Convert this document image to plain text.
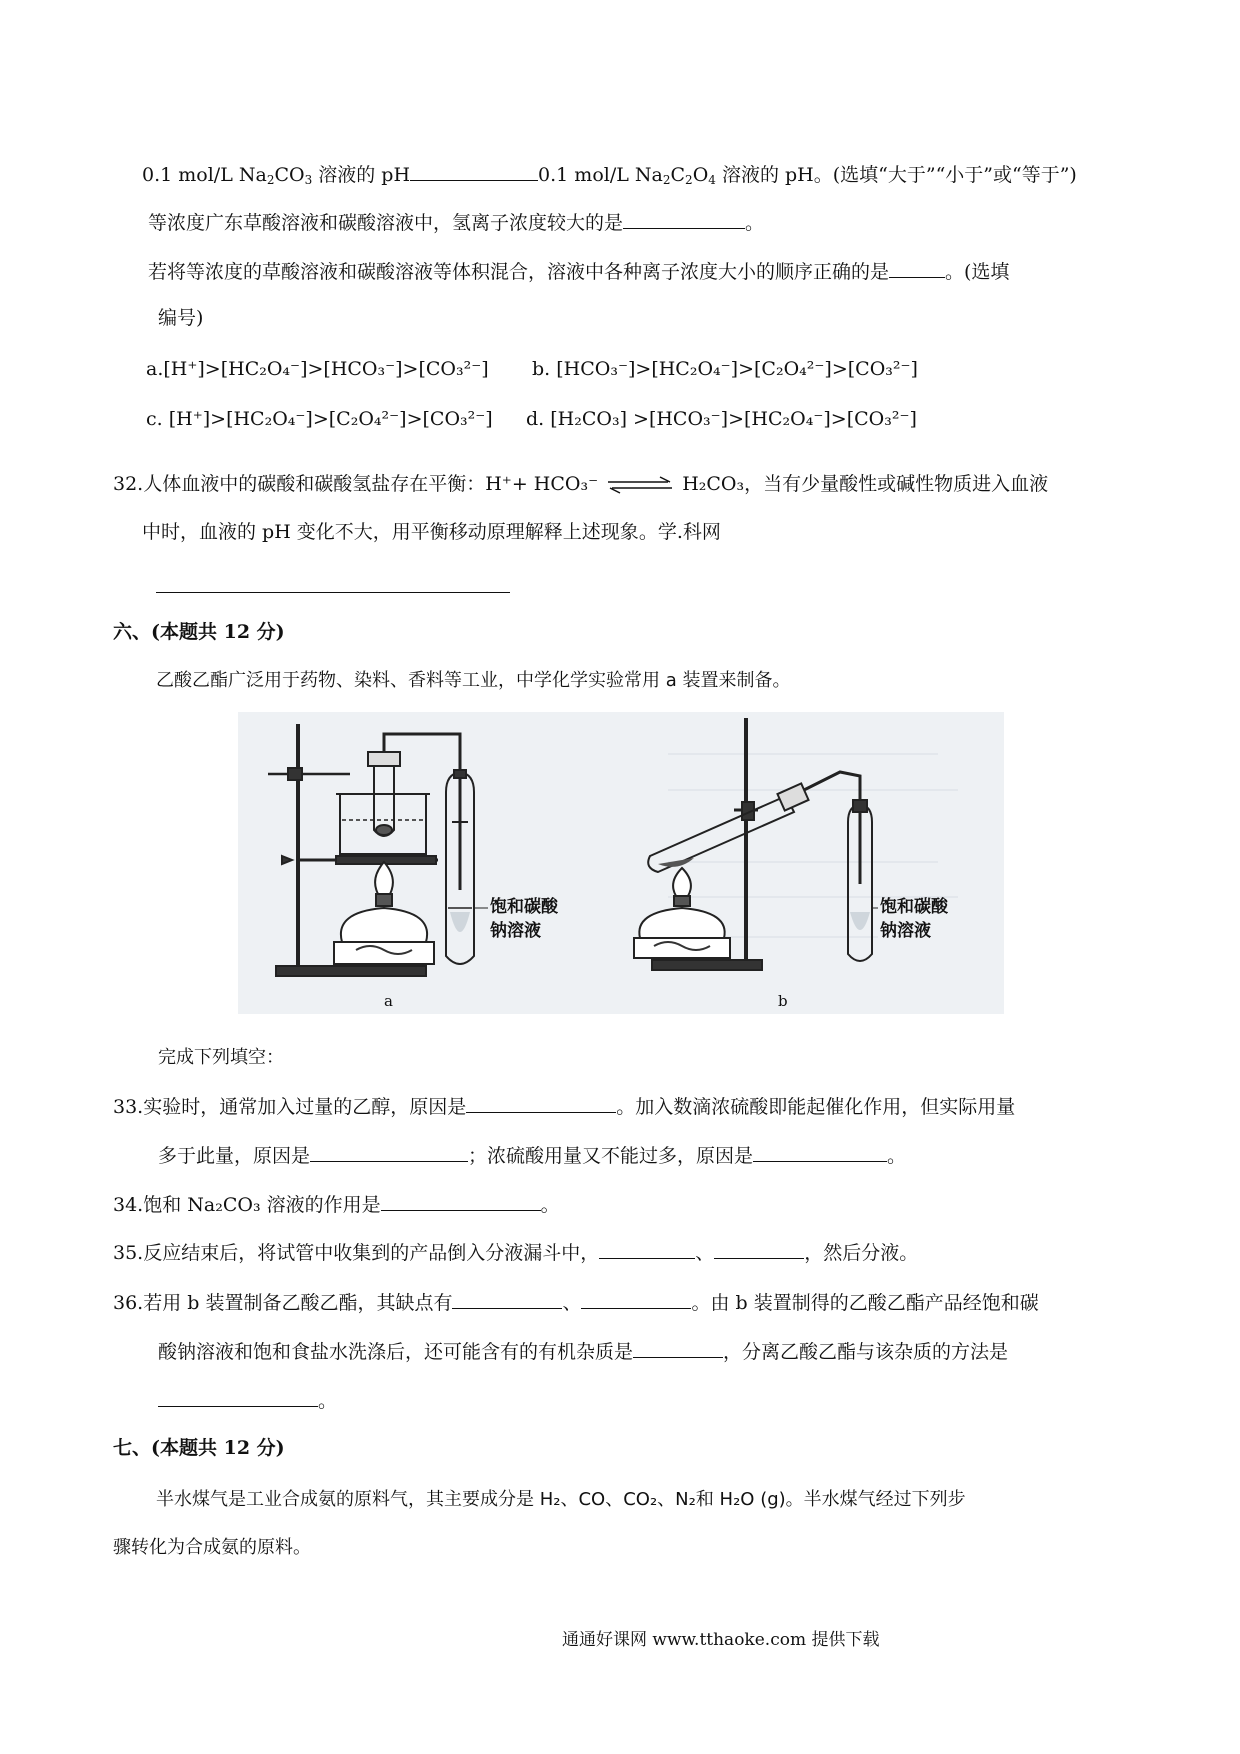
0.1 mol/L $Na_2CO_3$ 溶液的 pH	0.1 mol/L $Na_2C_2O_4$ 溶液的 pH。(选填“大于”“小于”或“等于”)
等浓度广东草酸溶液和碳酸溶液中，氢离子浓度较大的是	。
若将等浓度的草酸溶液和碳酸溶液等体积混合，溶液中各种离子浓度大小的顺序正确的是	。(选填
编号)
a.[H⁺]>[HC₂O₄⁻]>[HCO₃⁻]>[CO₃²⁻] b. [HCO₃⁻]>[HC₂O₄⁻]>[C₂O₄²⁻]>[CO₃²⁻]
c. [H⁺]>[HC₂O₄⁻]>[C₂O₄²⁻]>[CO₃²⁻] d. [H₂CO₃] >[HCO₃⁻]>[HC₂O₄⁻]>[CO₃²⁻]
32.人体血液中的碳酸和碳酸氢盐存在平衡：H⁺+ HCO₃⁻ ⇌ H₂CO₃，当有少量酸性或碱性物质进入血液
中时，血液的 pH 变化不大，用平衡移动原理解释上述现象。学.科网
六、(本题共 12 分)
乙酸乙酯广泛用于药物、染料、香料等工业，中学化学实验常用 a 装置来制备。
饱和碳酸
钠溶液
a
饱和碳酸
钠溶液
b
完成下列填空：
33.实验时，通常加入过量的乙醇，原因是	。加入数滴浓硫酸即能起催化作用，但实际用量
多于此量，原因是	；浓硫酸用量又不能过多，原因是	。
34.饱和 Na₂CO₃ 溶液的作用是	。
35.反应结束后，将试管中收集到的产品倒入分液漏斗中，	、	，然后分液。
36.若用 b 装置制备乙酸乙酯，其缺点有	、	。由 b 装置制得的乙酸乙酯产品经饱和碳
酸钠溶液和饱和食盐水洗涤后，还可能含有的有机杂质是	，分离乙酸乙酯与该杂质的方法是
。
七、(本题共 12 分)
半水煤气是工业合成氨的原料气，其主要成分是 H₂、CO、CO₂、N₂和 H₂O (g)。半水煤气经过下列步
骤转化为合成氨的原料。
通通好课网 www.tthaoke.com 提供下载
